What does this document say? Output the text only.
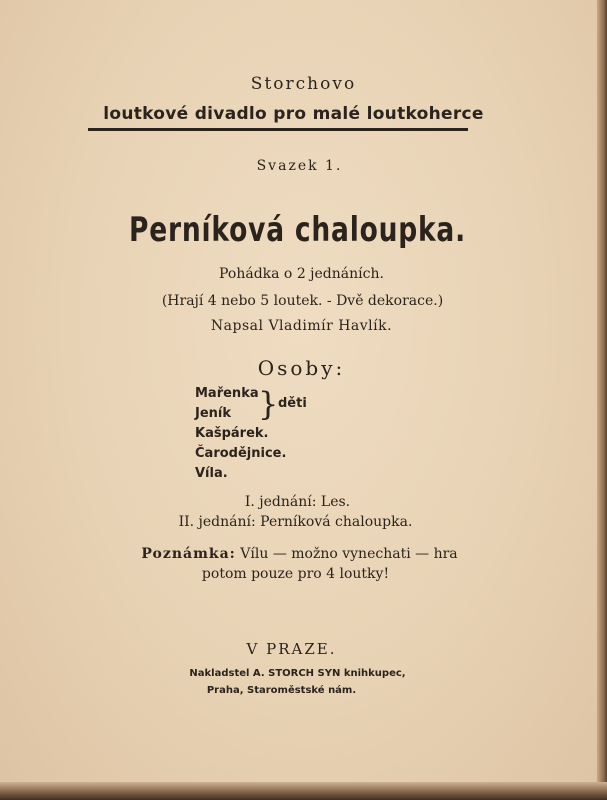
Storchovo
loutkové divadlo pro malé loutkoherce
Svazek 1.
Perníková chaloupka.
Pohádka o 2 jednáních.
(Hrají 4 nebo 5 loutek. - Dvě dekorace.)
Napsal Vladimír Havlík.
Osoby:
Mařenka
Jeník
Kašpárek.
Čarodějnice.
Víla.
} děti
I. jednání: Les.
II. jednání: Perníková chaloupka.
Poznámka: Vílu — možno vynechati — hra
potom pouze pro 4 loutky!
V PRAZE.
Nakladstel A. STORCH SYN knihkupec,
Praha, Staroměstské nám.
